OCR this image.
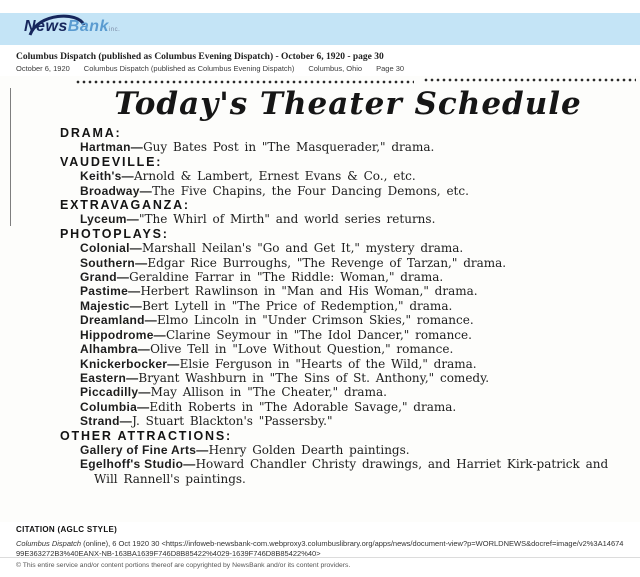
NewsBankinc.
Columbus Dispatch (published as Columbus Evening Dispatch) - October 6, 1920 - page 30
October 6, 1920 Columbus Dispatch (published as Columbus Evening Dispatch) Columbus, Ohio Page 30
Today's Theater Schedule
DRAMA:
Hartman—Guy Bates Post in "The Masquerader," drama.
VAUDEVILLE:
Keith's—Arnold & Lambert, Ernest Evans & Co., etc.
Broadway—The Five Chapins, the Four Dancing Demons, etc.
EXTRAVAGANZA:
Lyceum—"The Whirl of Mirth" and world series returns.
PHOTOPLAYS:
Colonial—Marshall Neilan's "Go and Get It," mystery drama.
Southern—Edgar Rice Burroughs, "The Revenge of Tarzan," drama.
Grand—Geraldine Farrar in "The Riddle: Woman," drama.
Pastime—Herbert Rawlinson in "Man and His Woman," drama.
Majestic—Bert Lytell in "The Price of Redemption," drama.
Dreamland—Elmo Lincoln in "Under Crimson Skies," romance.
Hippodrome—Clarine Seymour in "The Idol Dancer," romance.
Alhambra—Olive Tell in "Love Without Question," romance.
Knickerbocker—Elsie Ferguson in "Hearts of the Wild," drama.
Eastern—Bryant Washburn in "The Sins of St. Anthony," comedy.
Piccadilly—May Allison in "The Cheater," drama.
Columbia—Edith Roberts in "The Adorable Savage," drama.
Strand—J. Stuart Blackton's "Passersby."
OTHER ATTRACTIONS:
Gallery of Fine Arts—Henry Golden Dearth paintings.
Egelhoff's Studio—Howard Chandler Christy drawings, and Harriet Kirk-patrick and Will Rannell's paintings.
CITATION (AGLC STYLE)
Columbus Dispatch (online), 6 Oct 1920 30 <https://infoweb-newsbank-com.webproxy3.columbuslibrary.org/apps/news/document-view?p=WORLDNEWS&docref=image/v2%3A1467499E363272B3%40EANX-NB-163BA1639F746D8B85422%4029-1639F746D8B85422%40>
© This entire service and/or content portions thereof are copyrighted by NewsBank and/or its content providers.
